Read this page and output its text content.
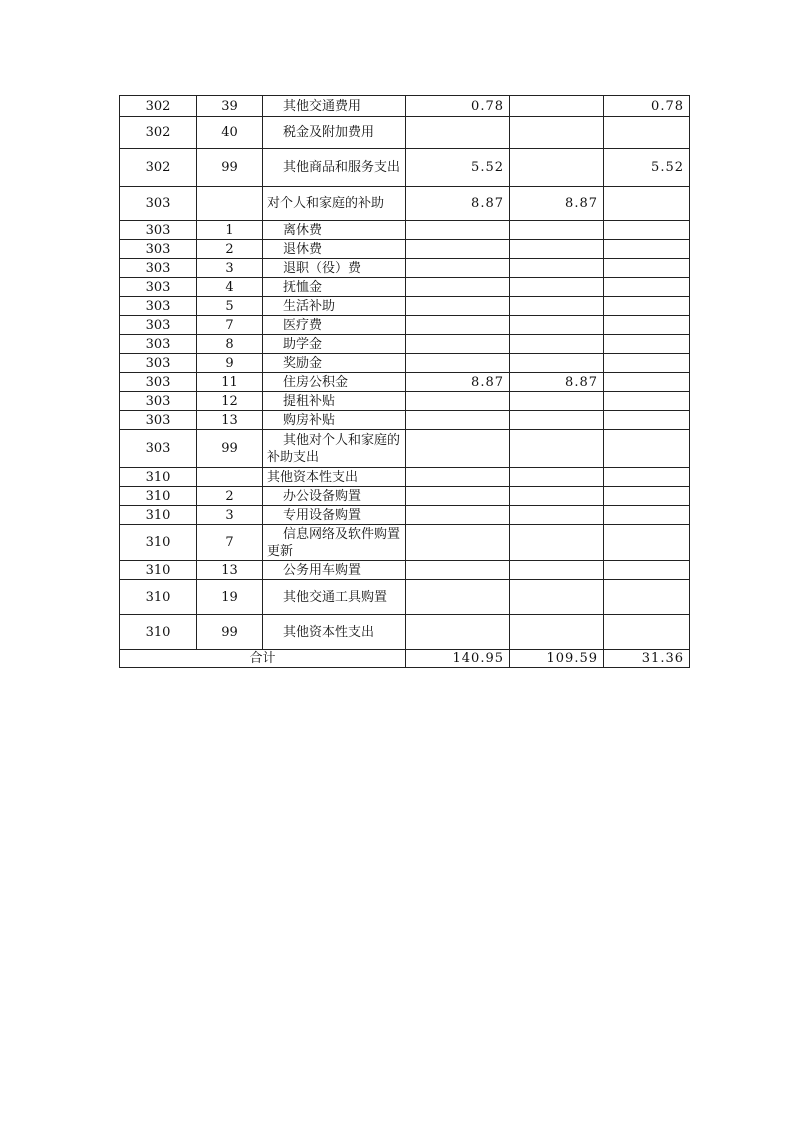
302	39	其他交通费用	0.78		0.78
302	40	税金及附加费用			
302	99	其他商品和服务支出	5.52		5.52
303		对个人和家庭的补助	8.87	8.87	
303	1	离休费			
303	2	退休费			
303	3	退职（役）费			
303	4	抚恤金			
303	5	生活补助			
303	7	医疗费			
303	8	助学金			
303	9	奖励金			
303	11	住房公积金	8.87	8.87	
303	12	提租补贴			
303	13	购房补贴			
303	99	其他对个人和家庭的补助支出			
310		其他资本性支出			
310	2	办公设备购置			
310	3	专用设备购置			
310	7	信息网络及软件购置更新			
310	13	公务用车购置			
310	19	其他交通工具购置			
310	99	其他资本性支出			
合计			140.95	109.59	31.36
